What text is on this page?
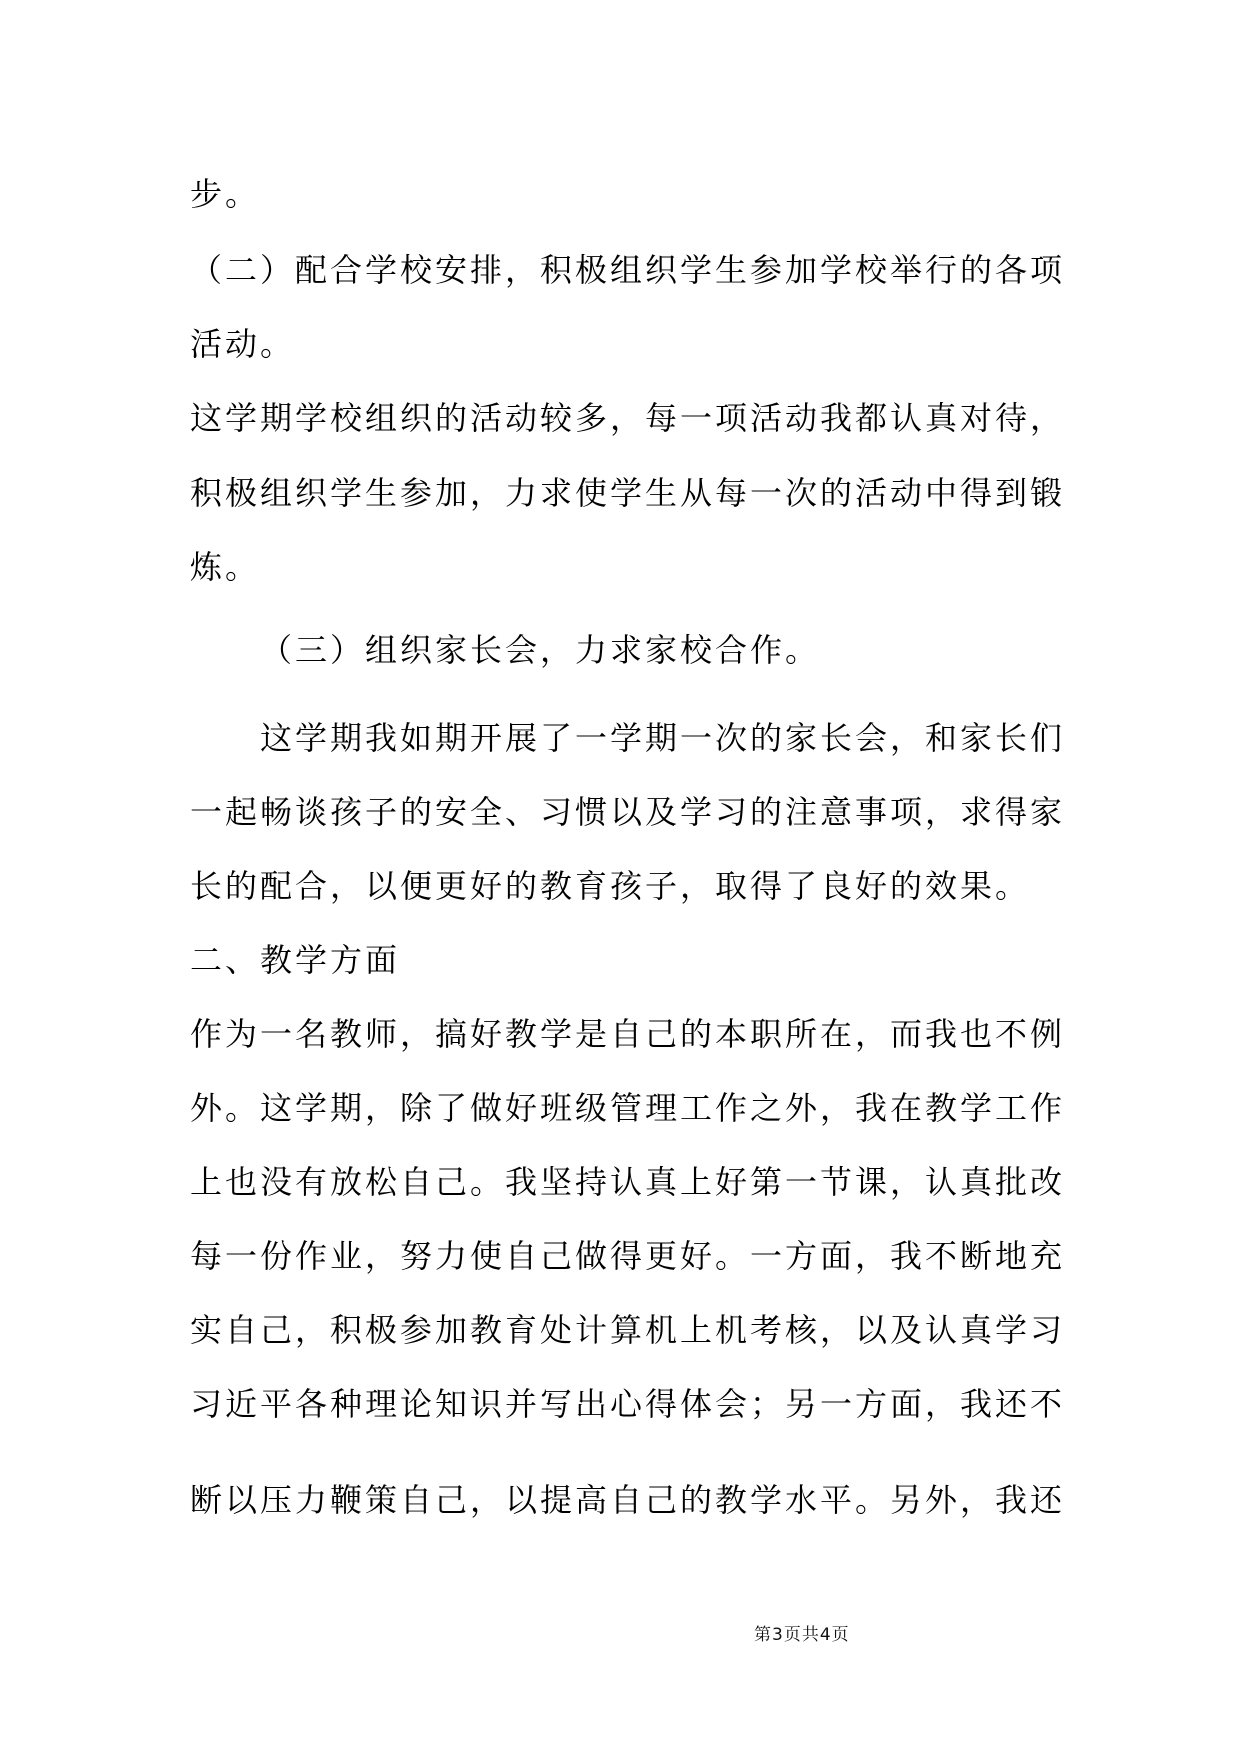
步。
（二）配合学校安排，积极组织学生参加学校举行的各项
活动。
这学期学校组织的活动较多，每一项活动我都认真对待，
积极组织学生参加，力求使学生从每一次的活动中得到锻
炼。
（三）组织家长会，力求家校合作。
这学期我如期开展了一学期一次的家长会，和家长们
一起畅谈孩子的安全、习惯以及学习的注意事项，求得家
长的配合，以便更好的教育孩子，取得了良好的效果。
二、教学方面
作为一名教师，搞好教学是自己的本职所在，而我也不例
外。这学期，除了做好班级管理工作之外，我在教学工作
上也没有放松自己。我坚持认真上好第一节课，认真批改
每一份作业，努力使自己做得更好。一方面，我不断地充
实自己，积极参加教育处计算机上机考核，以及认真学习
习近平各种理论知识并写出心得体会；另一方面，我还不
断以压力鞭策自己，以提高自己的教学水平。另外，我还
第3页共4页
